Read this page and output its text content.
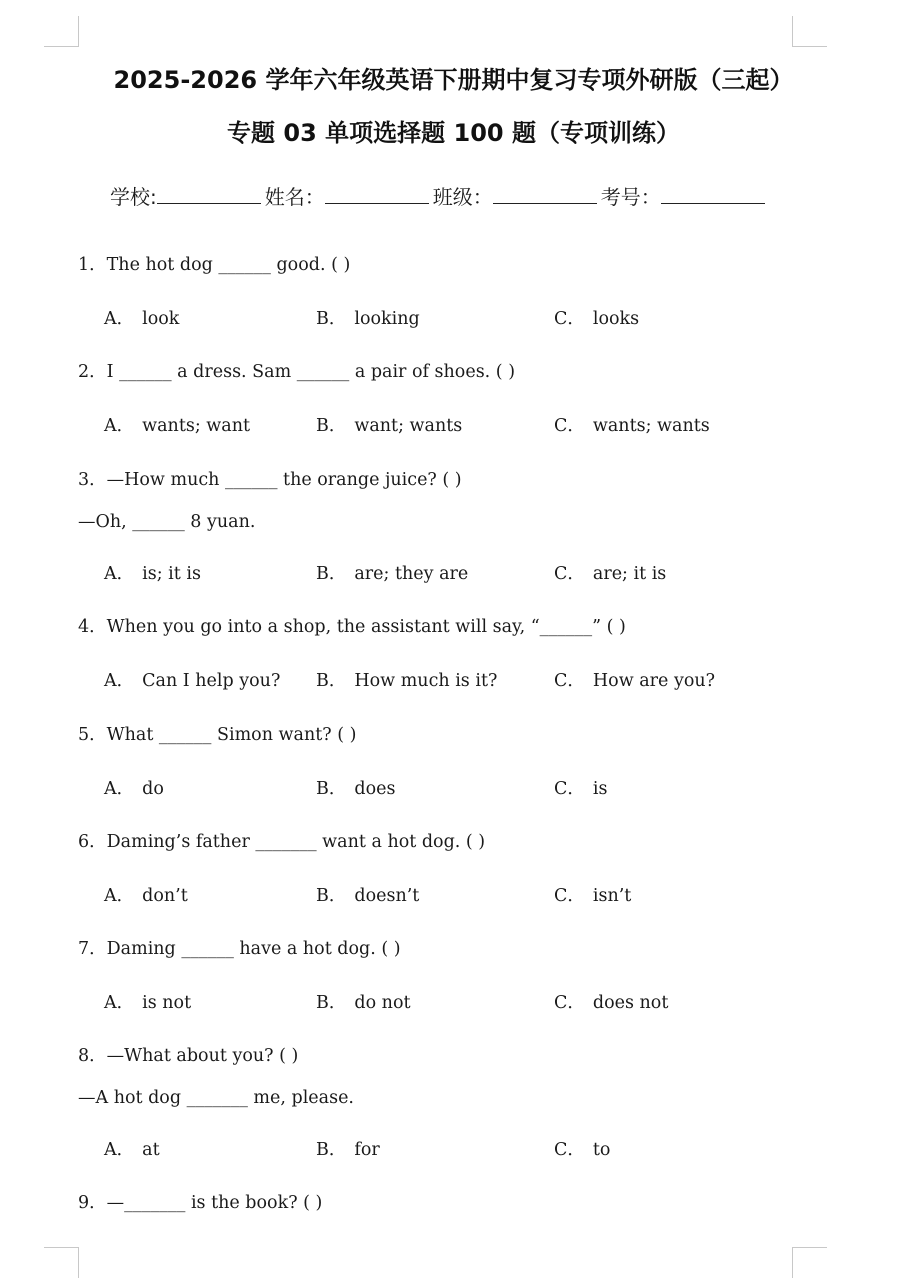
2025-2026 学年六年级英语下册期中复习专项外研版（三起）
专题 03 单项选择题 100 题（专项训练）
学校:	姓名：	班级：	考号：
1．The hot dog ______ good. ( )
A． look	B． looking	C． looks
2．I ______ a dress. Sam ______ a pair of shoes. ( )
A． wants; want	B． want; wants	C． wants; wants
3．—How much ______ the orange juice? ( )
—Oh, ______ 8 yuan.
A． is; it is	B． are; they are	C． are; it is
4．When you go into a shop, the assistant will say, “______” ( )
A． Can I help you? B． How much is it?	C． How are you?
5．What ______ Simon want? ( )
A． do	B． does	C． is
6．Daming’s father _______ want a hot dog. ( )
A． don’t	B． doesn’t	C． isn’t
7．Daming ______ have a hot dog. ( )
A． is not	B． do not	C． does not
8．—What about you? ( )
—A hot dog _______ me, please.
A． at	B． for	C． to
9．—_______ is the book? ( )
